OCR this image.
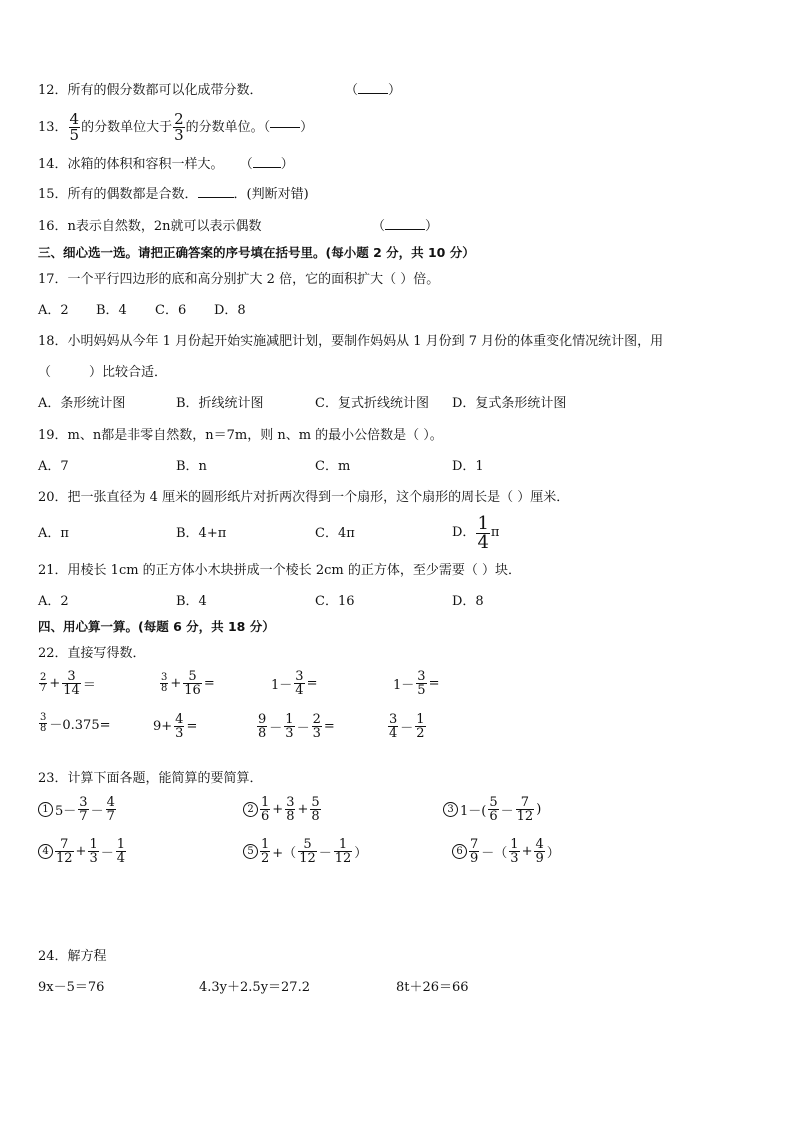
12．所有的假分数都可以化成带分数．	（ ）
13． $\frac{4}{5}$ 的分数单位大于 $\frac{2}{3}$ 的分数单位。（ ）
14．冰箱的体积和容积一样大。 （ ）
15．所有的偶数都是合数．	．(判断对错)
16．n表示自然数，2n就可以表示偶数	（	）
三、细心选一选。请把正确答案的序号填在括号里。(每小题 2 分，共 10 分）
17．一个平行四边形的底和高分别扩大 2 倍，它的面积扩大（ ）倍。
A．2 B．4 C．6 D．8
18．小明妈妈从今年 1 月份起开始实施减肥计划，要制作妈妈从 1 月份到 7 月份的体重变化情况统计图，用
（	）比较合适．
A．条形统计图	B．折线统计图	C．复式折线统计图 D．复式条形统计图
19．m、n都是非零自然数，n＝7m，则 n、m 的最小公倍数是（ ）。
A．7	B．n	C．m	D．1
20．把一张直径为 4 厘米的圆形纸片对折两次得到一个扇形，这个扇形的周长是（ ）厘米．
A．π	B．4+π	C．4π	D． $\frac{1}{4}$ π
21．用棱长 1cm 的正方体小木块拼成一个棱长 2cm 的正方体，至少需要（ ）块．
A．2	B．4	C．16	D．8
四、用心算一算。(每题 6 分，共 18 分）
22．直接写得数．
$\frac{2}{7} + \frac{3}{14}$ ＝	$\frac{3}{8} + \frac{5}{16}$ =	$1- \frac{3}{4}$ =	$1- \frac{3}{5}$ =
$\frac{3}{8} -0.375=$	$9+ \frac{4}{3}$ =	$\frac{9}{8} - \frac{1}{3} - \frac{2}{3}$ =	$\frac{3}{4} - \frac{1}{2}$
23．计算下面各题，能简算的要简算．
1 $5- \frac{3}{7} - \frac{4}{7}$	$2 \frac{1}{6} + \frac{3}{8} + \frac{5}{8}$	3 $1-( \frac{5}{6} - \frac{7}{12}$ )
$4 \frac{7}{12} + \frac{1}{3} - \frac{1}{4}$	$5 \frac{1}{2}$ +（ $\frac{5}{12} - \frac{1}{12}$ ）	$6 \frac{7}{9}$ －（ $\frac{1}{3} + \frac{4}{9}$ ）
24．解方程
9x－5＝76	4.3y＋2.5y＝27.2	8t＋26＝66
